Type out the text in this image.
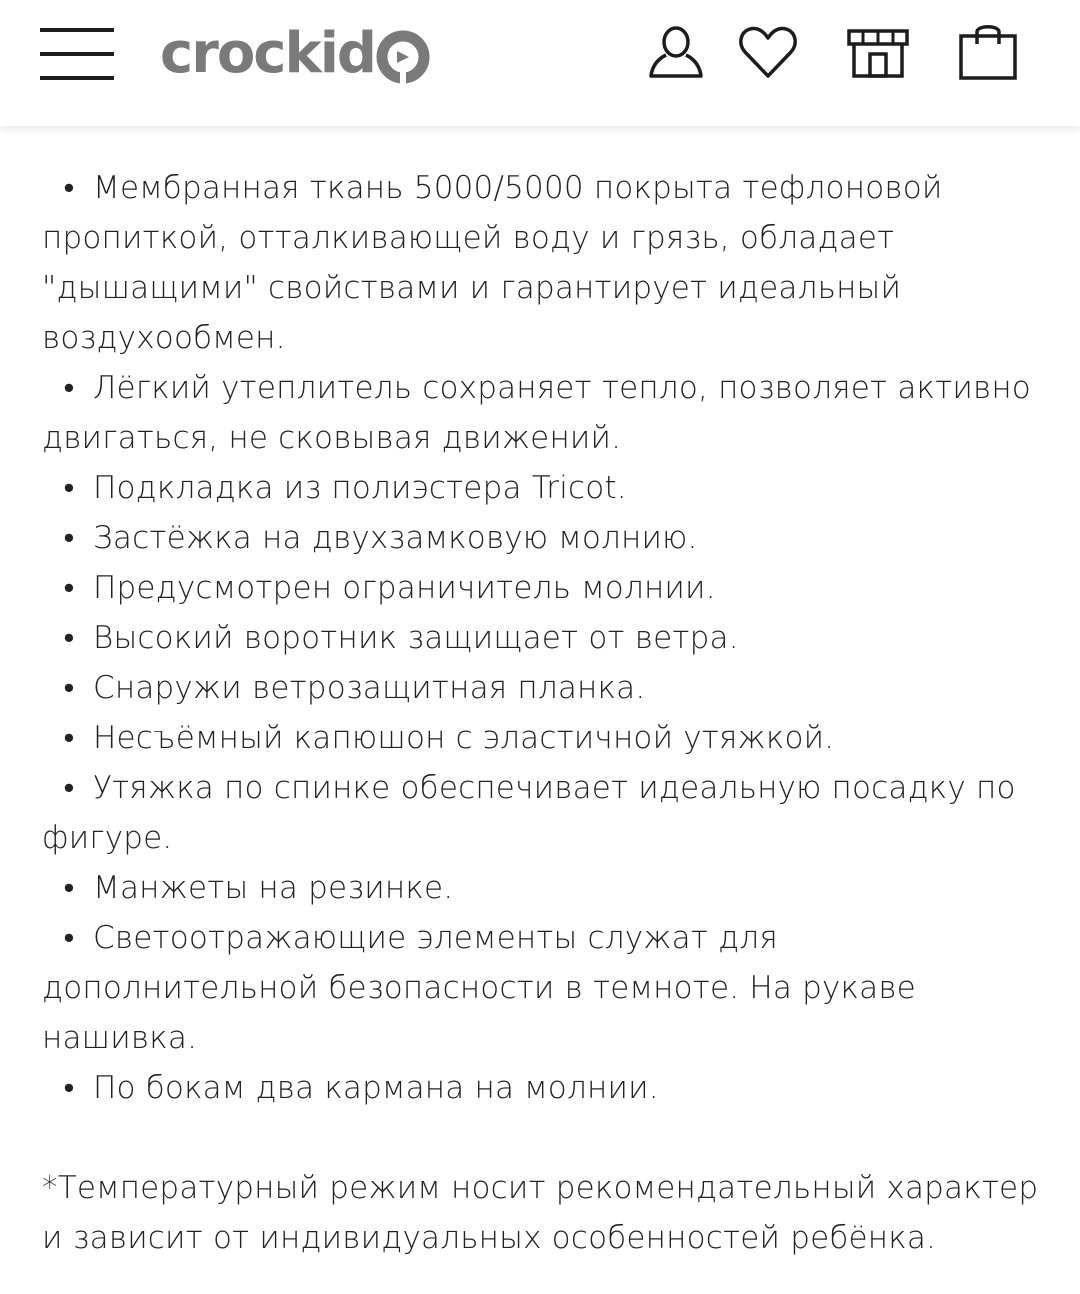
crockid
• Мембранная ткань 5000/5000 покрыта тефлоновой пропиткой, отталкивающей воду и грязь, обладает "дышащими" свойствами и гарантирует идеальный воздухообмен.
• Лёгкий утеплитель сохраняет тепло, позволяет активно двигаться, не сковывая движений.
• Подкладка из полиэстера Tricot.
• Застёжка на двухзамковую молнию.
• Предусмотрен ограничитель молнии.
• Высокий воротник защищает от ветра.
• Снаружи ветрозащитная планка.
• Несъёмный капюшон с эластичной утяжкой.
• Утяжка по спинке обеспечивает идеальную посадку по фигуре.
• Манжеты на резинке.
• Светоотражающие элементы служат для дополнительной безопасности в темноте. На рукаве нашивка.
• По бокам два кармана на молнии.

*Температурный режим носит рекомендательный характер и зависит от индивидуальных особенностей ребёнка.
